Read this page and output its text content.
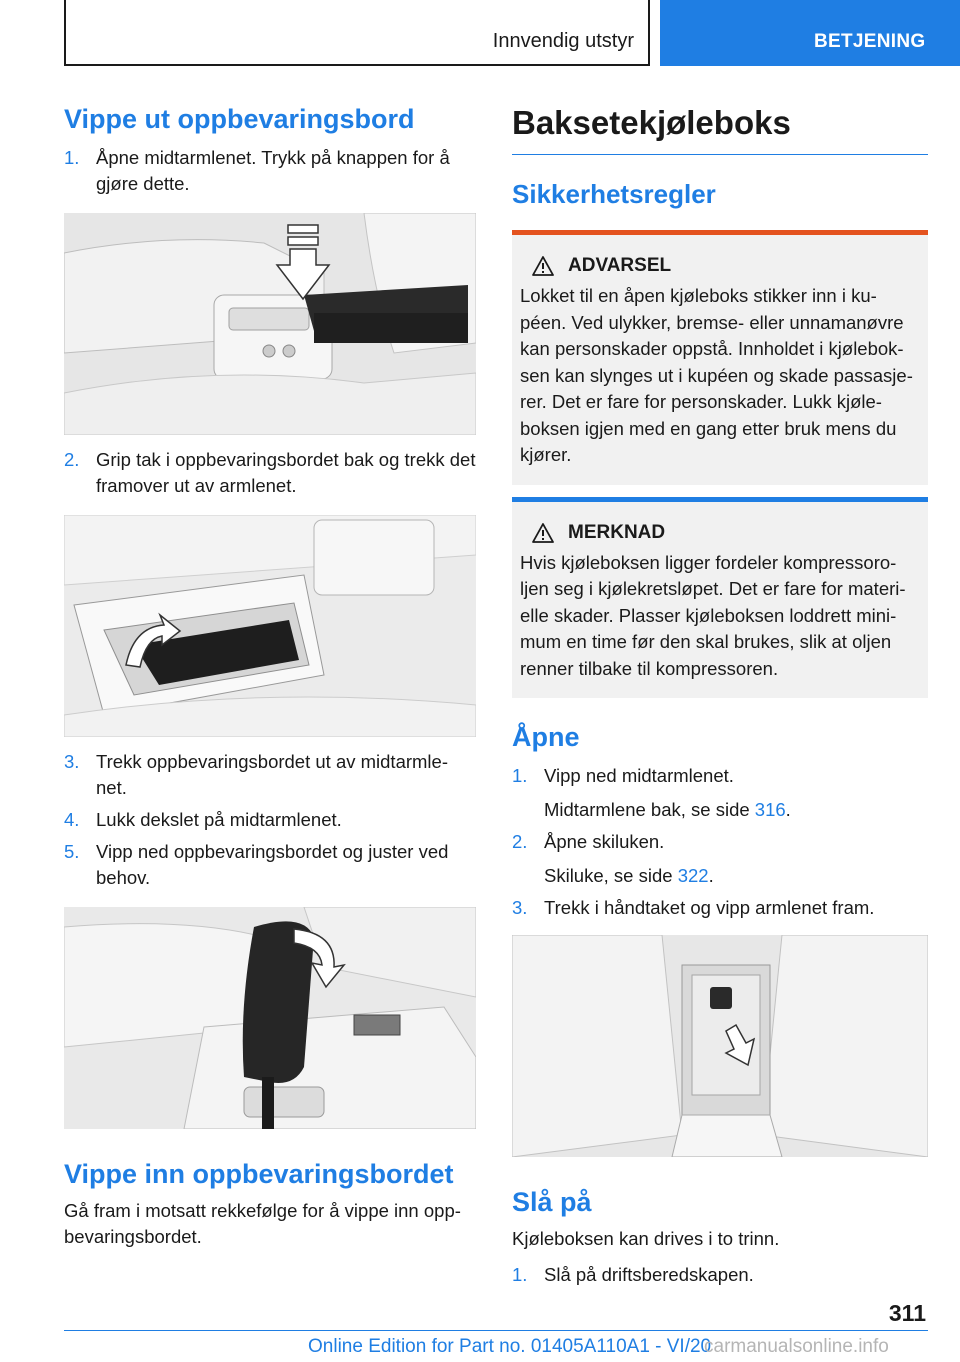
Innvendig utstyr	BETJENING
Vippe ut oppbevaringsbord
1. Åpne midtarmlenet. Trykk på knappen for å gjøre dette.
2. Grip tak i oppbevaringsbordet bak og trekk det framover ut av armlenet.
3. Trekk oppbevaringsbordet ut av midtarmle-net.
4. Lukk dekslet på midtarmlenet.
5. Vipp ned oppbevaringsbordet og juster ved behov.
Vippe inn oppbevaringsbordet

Gå fram i motsatt rekkefølge for å vippe inn opp-bevaringsbordet.

Baksetekjøleboks
Sikkerhetsregler
ADVARSEL

Lokket til en åpen kjøleboks stikker inn i ku-péen. Ved ulykker, bremse- eller unnamanøvre kan personskader oppstå. Innholdet i kjølebok-sen kan slynges ut i kupéen og skade passasje-rer. Det er fare for personskader. Lukk kjøle-boksen igjen med en gang etter bruk mens du kjører.

MERKNAD

Hvis kjøleboksen ligger fordeler kompressoro-ljen seg i kjølekretsløpet. Det er fare for materi-elle skader. Plasser kjøleboksen loddrett mini-mum en time før den skal brukes, slik at oljen renner tilbake til kompressoren.

Åpne
1. Vipp ned midtarmlenet.
Midtarmlene bak, se side 316.
2. Åpne skiluken.
Skiluke, se side 322.
3. Trekk i håndtaket og vipp armlenet fram.
Slå på

Kjøleboksen kan drives i to trinn.

1. Slå på driftsberedskapen.
311
Online Edition for Part no. 01405A110A1 - VI/20
carmanualsonline.info
